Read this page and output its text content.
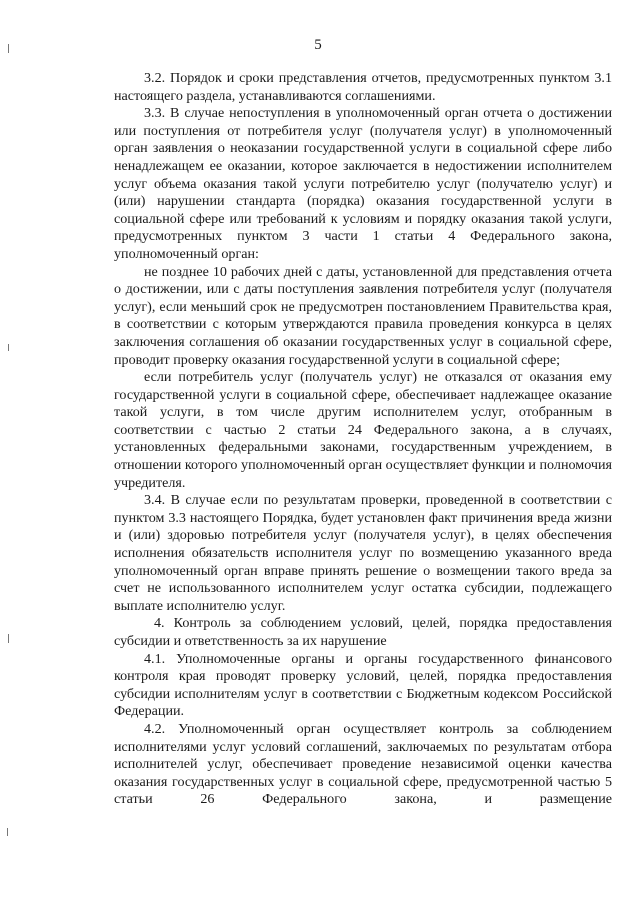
5

3.2. Порядок и сроки представления отчетов, предусмотренных пунктом 3.1 настоящего раздела, устанавливаются соглашениями.

3.3. В случае непоступления в уполномоченный орган отчета о достижении или поступления от потребителя услуг (получателя услуг) в уполномоченный орган заявления о неоказании государственной услуги в социальной сфере либо ненадлежащем ее оказании, которое заключается в недостижении исполнителем услуг объема оказания такой услуги потребителю услуг (получателю услуг) и (или) нарушении стандарта (порядка) оказания государственной услуги в социальной сфере или требований к условиям и порядку оказания такой услуги, предусмотренных пунктом 3 части 1 статьи 4 Федерального закона, уполномоченный орган:

не позднее 10 рабочих дней с даты, установленной для представления отчета о достижении, или с даты поступления заявления потребителя услуг (получателя услуг), если меньший срок не предусмотрен постановлением Правительства края, в соответствии с которым утверждаются правила проведения конкурса в целях заключения соглашения об оказании государственных услуг в социальной сфере, проводит проверку оказания государственной услуги в социальной сфере;

если потребитель услуг (получатель услуг) не отказался от оказания ему государственной услуги в социальной сфере, обеспечивает надлежащее оказание такой услуги, в том числе другим исполнителем услуг, отобранным в соответствии с частью 2 статьи 24 Федерального закона, а в случаях, установленных федеральными законами, государственным учреждением, в отношении которого уполномоченный орган осуществляет функции и полномочия учредителя.

3.4. В случае если по результатам проверки, проведенной в соответствии с пунктом 3.3 настоящего Порядка, будет установлен факт причинения вреда жизни и (или) здоровью потребителя услуг (получателя услуг), в целях обеспечения исполнения обязательств исполнителя услуг по возмещению указанного вреда уполномоченный орган вправе принять решение о возмещении такого вреда за счет не использованного исполнителем услуг остатка субсидии, подлежащего выплате исполнителю услуг.

4. Контроль за соблюдением условий, целей, порядка предоставления субсидии и ответственность за их нарушение

4.1. Уполномоченные органы и органы государственного финансового контроля края проводят проверку условий, целей, порядка предоставления субсидии исполнителям услуг в соответствии с Бюджетным кодексом Российской Федерации.

4.2. Уполномоченный орган осуществляет контроль за соблюдением исполнителями услуг условий соглашений, заключаемых по результатам отбора исполнителей услуг, обеспечивает проведение независимой оценки качества оказания государственных услуг в социальной сфере, предусмотренной частью 5 статьи 26 Федерального закона, и размещение
